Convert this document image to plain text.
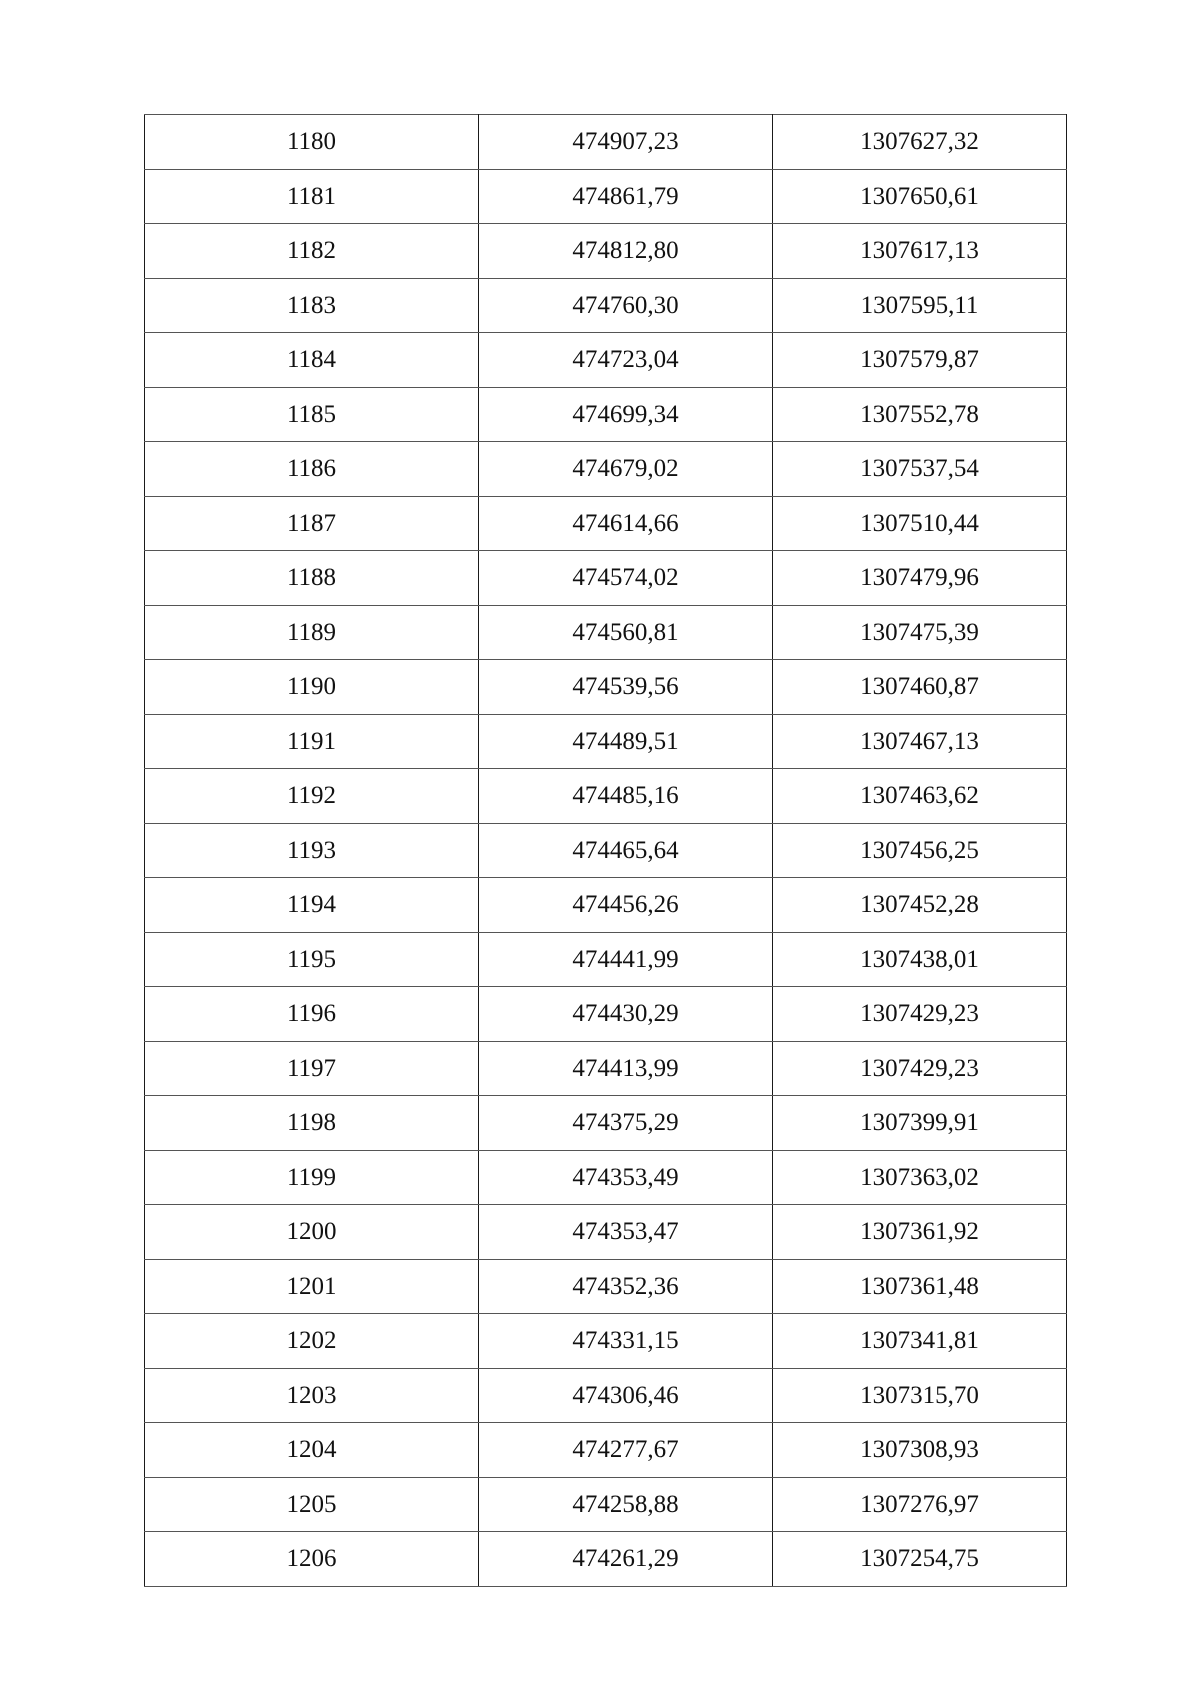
1180	474907,23	1307627,32
1181	474861,79	1307650,61
1182	474812,80	1307617,13
1183	474760,30	1307595,11
1184	474723,04	1307579,87
1185	474699,34	1307552,78
1186	474679,02	1307537,54
1187	474614,66	1307510,44
1188	474574,02	1307479,96
1189	474560,81	1307475,39
1190	474539,56	1307460,87
1191	474489,51	1307467,13
1192	474485,16	1307463,62
1193	474465,64	1307456,25
1194	474456,26	1307452,28
1195	474441,99	1307438,01
1196	474430,29	1307429,23
1197	474413,99	1307429,23
1198	474375,29	1307399,91
1199	474353,49	1307363,02
1200	474353,47	1307361,92
1201	474352,36	1307361,48
1202	474331,15	1307341,81
1203	474306,46	1307315,70
1204	474277,67	1307308,93
1205	474258,88	1307276,97
1206	474261,29	1307254,75
